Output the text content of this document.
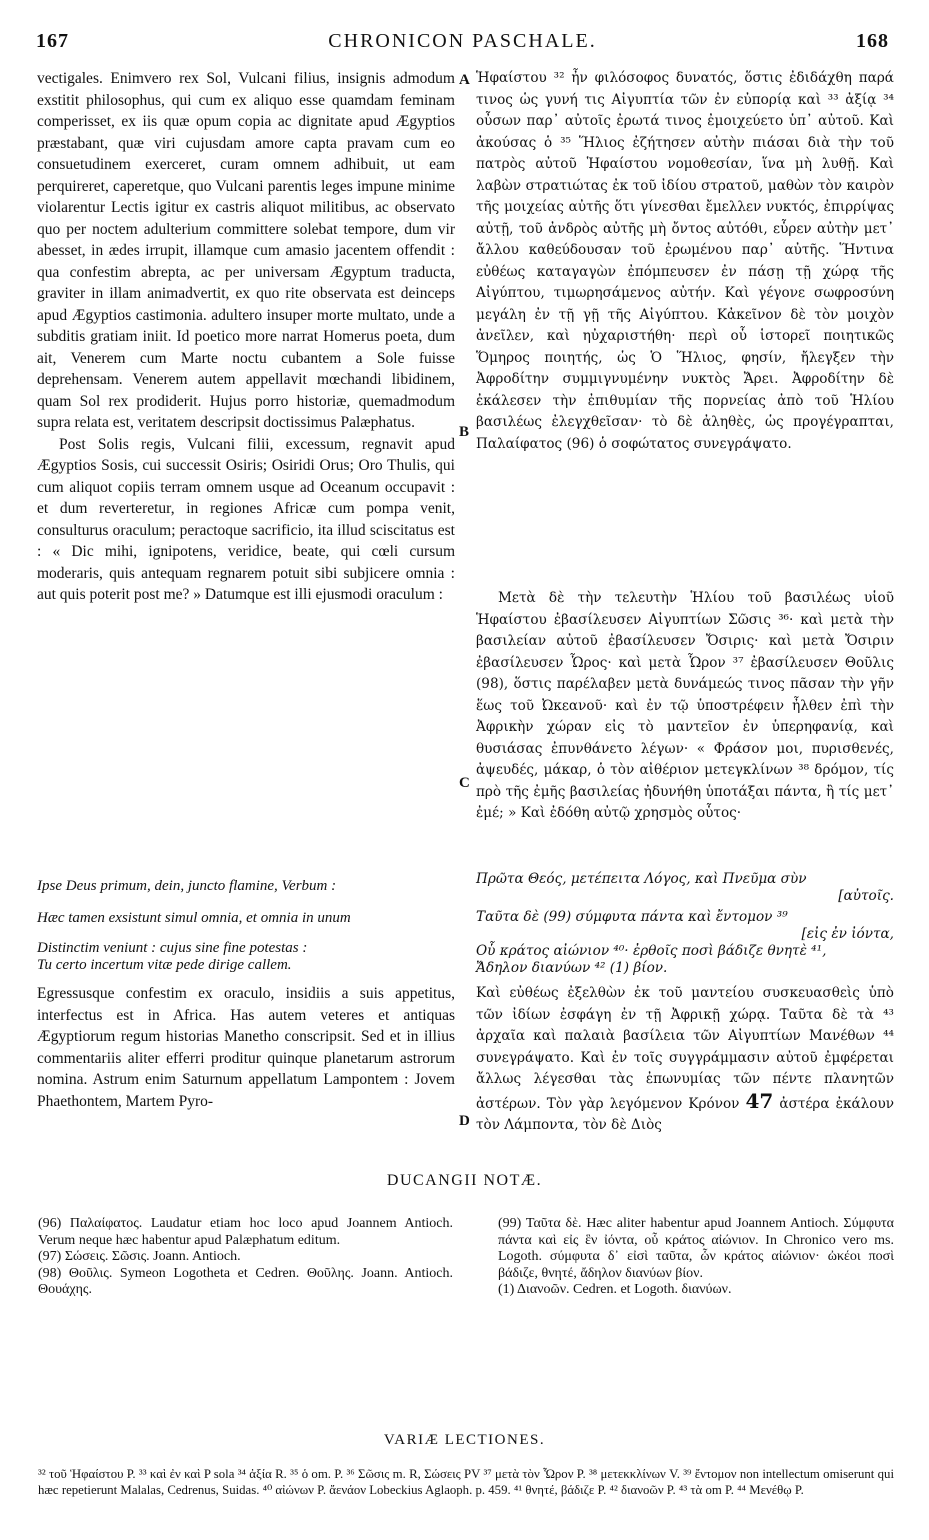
167	CHRONICON PASCHALE.	168

vectigales. Enimvero rex Sol, Vulcani filius, insignis admodum exstitit philosophus, qui cum ex aliquo esse quamdam feminam comperisset, ex iis quæ opum copia ac dignitate apud Ægyptios præstabant, quæ viri cujusdam amore capta pravam cum eo consuetudinem exerceret, curam omnem adhibuit, ut eam perquireret, caperetque, quo Vulcani parentis leges impune minime violarentur Lectis igitur ex castris aliquot militibus, ac observato quo per noctem adulterium committere solebat tempore, dum vir abesset, in ædes irrupit, illamque cum amasio jacentem offendit : qua confestim abrepta, ac per universam Ægyptum traducta, graviter in illam animadvertit, ex quo rite observata est deinceps apud Ægyptios castimonia. adultero insuper morte multato, unde a subditis gratiam iniit. Id poetico more narrat Homerus poeta, dum ait, Venerem cum Marte noctu cubantem a Sole fuisse deprehensam. Venerem autem appellavit mœchandi libidinem, quam Sol rex prodiderit. Hujus porro historiæ, quemadmodum supra relata est, veritatem descripsit doctissimus Palæphatus.

Post Solis regis, Vulcani filii, excessum, regnavit apud Ægyptios Sosis, cui successit Osiris; Osiridi Orus; Oro Thulis, qui cum aliquot copiis terram omnem usque ad Oceanum occupavit : et dum reverteretur, in regiones Africæ cum pompa venit, consulturus oraculum; peractoque sacrificio, ita illud sciscitatus est : « Dic mihi, ignipotens, veridice, beate, qui cœli cursum moderaris, quis antequam regnarem potuit sibi subjicere omnia : aut quis poterit post me? » Datumque est illi ejusmodi oraculum :

Ipse Deus primum, dein, juncto flamine, Verbum :

Hæc tamen exsistunt simul omnia, et omnia in unum

Distinctim veniunt : cujus sine fine potestas :

Tu certo incertum vitæ pede dirige callem.

Egressusque confestim ex oraculo, insidiis a suis appetitus, interfectus est in Africa. Has autem veteres et antiquas Ægyptiorum regum historias Manetho conscripsit. Sed et in illius commentariis aliter efferri proditur quinque planetarum astrorum nomina. Astrum enim Saturnum appellatum Lampontem : Jovem Phaethontem, Martem Pyro-

A
B
C
D

Ἡφαίστου ³² ἦν φιλόσοφος δυνατός, ὅστις ἐδιδάχθη παρά τινος ὡς γυνή τις Αἰγυπτία τῶν ἐν εὐπορίᾳ καὶ ³³ ἀξίᾳ ³⁴ οὖσων παρ᾽ αὐτοῖς ἐρωτά τινος ἐμοιχεύετο ὑπ᾽ αὐτοῦ. Καὶ ἀκούσας ὁ ³⁵ Ἥλιος ἐζήτησεν αὐτὴν πιάσαι διὰ τὴν τοῦ πατρὸς αὐτοῦ Ἡφαίστου νομοθεσίαν, ἵνα μὴ λυθῇ. Καὶ λαβὼν στρατιώτας ἐκ τοῦ ἰδίου στρατοῦ, μαθὼν τὸν καιρὸν τῆς μοιχείας αὐτῆς ὅτι γίνεσθαι ἔμελλεν νυκτός, ἐπιρρίψας αὐτῇ, τοῦ ἀνδρὸς αὐτῆς μὴ ὄντος αὐτόθι, εὗρεν αὐτὴν μετ᾽ ἄλλου καθεύδουσαν τοῦ ἐρωμένου παρ᾽ αὐτῆς. Ἥντινα εὐθέως καταγαγὼν ἐπόμπευσεν ἐν πάσῃ τῇ χώρᾳ τῆς Αἰγύπτου, τιμωρησάμενος αὐτήν. Καὶ γέγονε σωφροσύνη μεγάλη ἐν τῇ γῇ τῆς Αἰγύπτου. Κἀκεῖνον δὲ τὸν μοιχὸν ἀνεῖλεν, καὶ ηὐχαριστήθη· περὶ οὗ ἱστορεῖ ποιητικῶς Ὅμηρος ποιητής, ὡς Ὁ Ἥλιος, φησίν, ἤλεγξεν τὴν Ἀφροδίτην συμμιγνυμένην νυκτὸς Ἄρει. Ἀφροδίτην δὲ ἐκάλεσεν τὴν ἐπιθυμίαν τῆς πορνείας ἀπὸ τοῦ Ἡλίου βασιλέως ἐλεγχθεῖσαν· τὸ δὲ ἀληθὲς, ὡς προγέγραπται, Παλαίφατος (96) ὁ σοφώτατος συνεγράψατο.

Μετὰ δὲ τὴν τελευτὴν Ἡλίου τοῦ βασιλέως υἱοῦ Ἡφαίστου ἐβασίλευσεν Αἰγυπτίων Σῶσις ³⁶· καὶ μετὰ τὴν βασιλείαν αὐτοῦ ἐβασίλευσεν Ὄσιρις· καὶ μετὰ Ὄσιριν ἐβασίλευσεν Ὧρος· καὶ μετὰ Ὧρον ³⁷ ἐβασίλευσεν Θοῦλις (98), ὅστις παρέλαβεν μετὰ δυνάμεώς τινος πᾶσαν τὴν γῆν ἕως τοῦ Ὠκεανοῦ· καὶ ἐν τῷ ὑποστρέφειν ἦλθεν ἐπὶ τὴν Ἀφρικὴν χώραν εἰς τὸ μαντεῖον ἐν ὑπερηφανίᾳ, καὶ θυσιάσας ἐπυνθάνετο λέγων· « Φράσον μοι, πυρισθενές, ἀψευδές, μάκαρ, ὁ τὸν αἰθέριον μετεγκλίνων ³⁸ δρόμον, τίς πρὸ τῆς ἐμῆς βασιλείας ἠδυνήθη ὑποτάξαι πάντα, ἢ τίς μετ᾽ ἐμέ; » Καὶ ἐδόθη αὐτῷ χρησμὸς οὗτος·

Πρῶτα Θεός, μετέπειτα Λόγος, καὶ Πνεῦμα σὺν

[αὐτοῖς.

Ταῦτα δὲ (99) σύμφυτα πάντα καὶ ἔντομον ³⁹

[εἰς ἐν ἰόντα,

Οὗ κράτος αἰώνιον ⁴⁰· ἐρθοῖς ποσὶ βάδιζε θνητὲ ⁴¹,

Ἄδηλον διανύων ⁴² (1) βίον.

Καὶ εὐθέως ἐξελθὼν ἐκ τοῦ μαντείου συσκευασθεὶς ὑπὸ τῶν ἰδίων ἐσφάγη ἐν τῇ Ἀφρικῇ χώρᾳ. Ταῦτα δὲ τὰ ⁴³ ἀρχαῖα καὶ παλαιὰ βασίλεια τῶν Αἰγυπτίων Μανέθων ⁴⁴ συνεγράψατο. Καὶ ἐν τοῖς συγγράμμασιν αὐτοῦ ἐμφέρεται ἄλλως λέγεσθαι τὰς ἐπωνυμίας τῶν πέντε πλανητῶν ἀστέρων. Τὸν γὰρ λεγόμενον Κρόνον 47 ἀστέρα ἐκάλουν τὸν Λάμποντα, τὸν δὲ Διὸς

DUCANGII NOTÆ.

(96) Παλαίφατος. Laudatur etiam hoc loco apud Joannem Antioch. Verum neque hæc habentur apud Palæphatum editum.

(97) Σώσεις. Σῶσις. Joann. Antioch.

(98) Θοῦλις. Symeon Logotheta et Cedren. Θοῦλης. Joann. Antioch. Θουάχης.

(99) Ταῦτα δὲ. Hæc aliter habentur apud Joannem Antioch. Σύμφυτα πάντα καὶ εἰς ἓν ἰόντα, οὗ κράτος αἰώνιον. In Chronico vero ms. Logoth. σύμφυτα δ᾽ εἰσὶ ταῦτα, ὧν κράτος αἰώνιον· ὠκέοι ποσὶ βάδιζε, θνητέ, ἄδηλον διανύων βίον.

(1) Διανοῶν. Cedren. et Logoth. διανύων.

VARIÆ LECTIONES.

³² τοῦ Ἡφαίστου P. ³³ καὶ ἐν καὶ P sola ³⁴ ἀξία R. ³⁵ ὁ om. P. ³⁶ Σῶσις m. R, Σώσεις PV ³⁷ μετὰ τὸν Ὧρον P. ³⁸ μετεκκλίνων V. ³⁹ ἔντομον non intellectum omiserunt qui hæc repetierunt Malalas, Cedrenus, Suidas. ⁴⁰ αἰώνων P. ἄενάον Lobeckius Aglaoph. p. 459. ⁴¹ θνητέ, βάδιζε P. ⁴² διανοῶν P. ⁴³ τὰ om P. ⁴⁴ Μενέθῳ P.
